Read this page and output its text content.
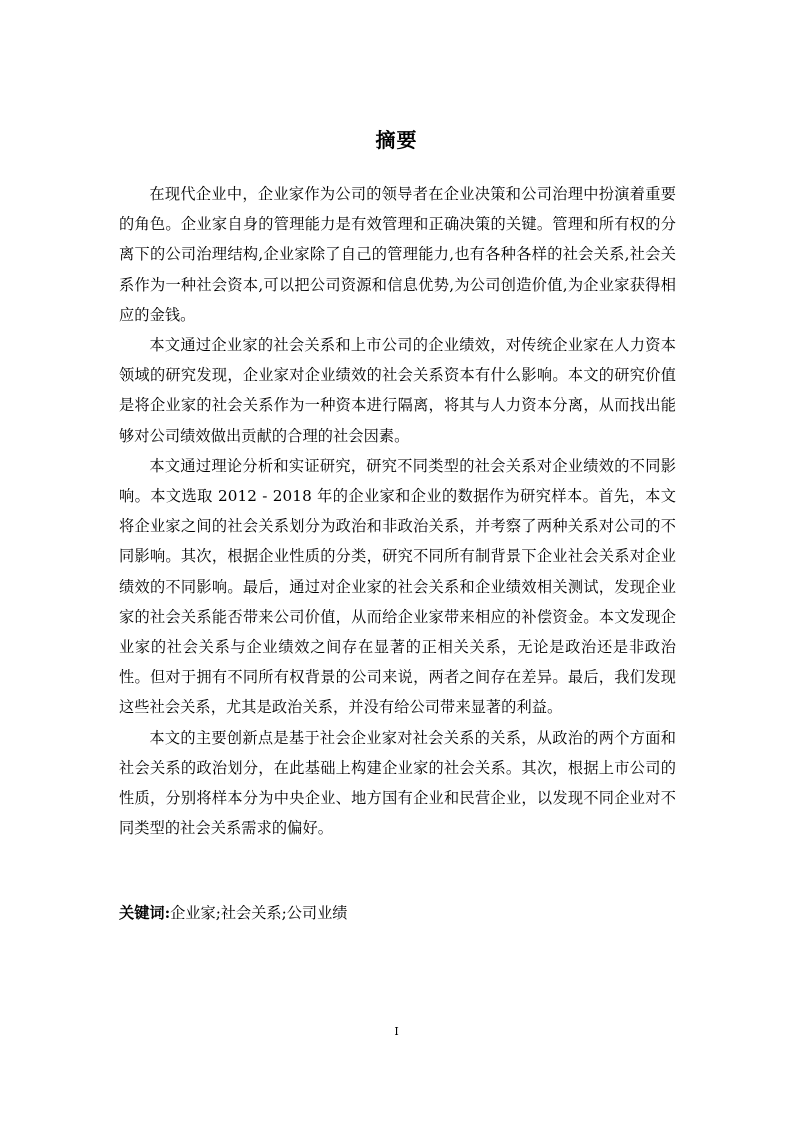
摘要

在现代企业中，企业家作为公司的领导者在企业决策和公司治理中扮演着重要的角色。企业家自身的管理能力是有效管理和正确决策的关键。管理和所有权的分离下的公司治理结构,企业家除了自己的管理能力,也有各种各样的社会关系,社会关系作为一种社会资本,可以把公司资源和信息优势,为公司创造价值,为企业家获得相应的金钱。

本文通过企业家的社会关系和上市公司的企业绩效，对传统企业家在人力资本领域的研究发现，企业家对企业绩效的社会关系资本有什么影响。本文的研究价值是将企业家的社会关系作为一种资本进行隔离，将其与人力资本分离，从而找出能够对公司绩效做出贡献的合理的社会因素。

本文通过理论分析和实证研究，研究不同类型的社会关系对企业绩效的不同影响。本文选取 2012 - 2018 年的企业家和企业的数据作为研究样本。首先，本文将企业家之间的社会关系划分为政治和非政治关系，并考察了两种关系对公司的不同影响。其次，根据企业性质的分类，研究不同所有制背景下企业社会关系对企业绩效的不同影响。最后，通过对企业家的社会关系和企业绩效相关测试，发现企业家的社会关系能否带来公司价值，从而给企业家带来相应的补偿资金。本文发现企业家的社会关系与企业绩效之间存在显著的正相关关系，无论是政治还是非政治性。但对于拥有不同所有权背景的公司来说，两者之间存在差异。最后，我们发现这些社会关系，尤其是政治关系，并没有给公司带来显著的利益。

本文的主要创新点是基于社会企业家对社会关系的关系，从政治的两个方面和社会关系的政治划分，在此基础上构建企业家的社会关系。其次，根据上市公司的性质，分别将样本分为中央企业、地方国有企业和民营企业，以发现不同企业对不同类型的社会关系需求的偏好。

关键词:企业家;社会关系;公司业绩
I
